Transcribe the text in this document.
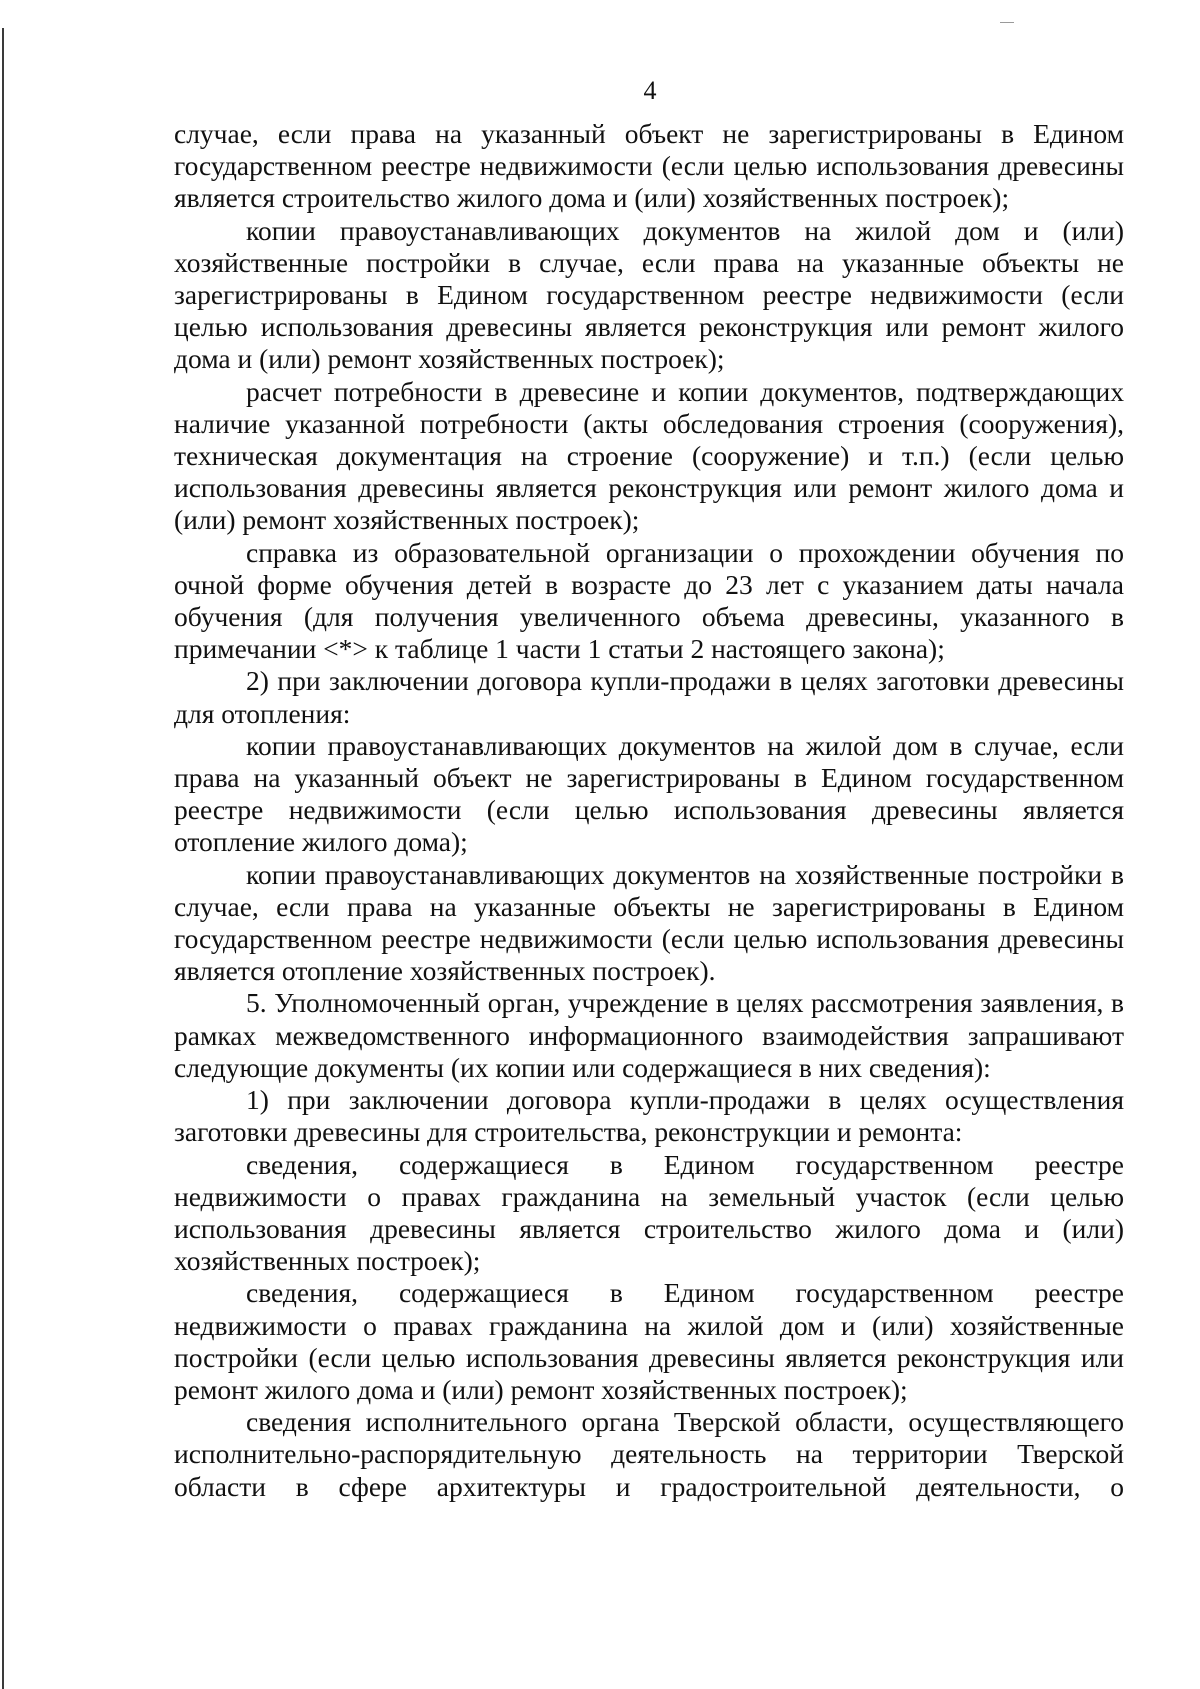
4

случае, если права на указанный объект не зарегистрированы в Едином государственном реестре недвижимости (если целью использования древесины является строительство жилого дома и (или) хозяйственных построек);

копии правоустанавливающих документов на жилой дом и (или) хозяйственные постройки в случае, если права на указанные объекты не зарегистрированы в Едином государственном реестре недвижимости (если целью использования древесины является реконструкция или ремонт жилого дома и (или) ремонт хозяйственных построек);

расчет потребности в древесине и копии документов, подтверждающих наличие указанной потребности (акты обследования строения (сооружения), техническая документация на строение (сооружение) и т.п.) (если целью использования древесины является реконструкция или ремонт жилого дома и (или) ремонт хозяйственных построек);

справка из образовательной организации о прохождении обучения по очной форме обучения детей в возрасте до 23 лет с указанием даты начала обучения (для получения увеличенного объема древесины, указанного в примечании <*> к таблице 1 части 1 статьи 2 настоящего закона);

2) при заключении договора купли-продажи в целях заготовки древесины для отопления:

копии правоустанавливающих документов на жилой дом в случае, если права на указанный объект не зарегистрированы в Едином государственном реестре недвижимости (если целью использования древесины является отопление жилого дома);

копии правоустанавливающих документов на хозяйственные постройки в случае, если права на указанные объекты не зарегистрированы в Едином государственном реестре недвижимости (если целью использования древесины является отопление хозяйственных построек).

5. Уполномоченный орган, учреждение в целях рассмотрения заявления, в рамках межведомственного информационного взаимодействия запрашивают следующие документы (их копии или содержащиеся в них сведения):

1) при заключении договора купли-продажи в целях осуществления заготовки древесины для строительства, реконструкции и ремонта:

сведения, содержащиеся в Едином государственном реестре недвижимости о правах гражданина на земельный участок (если целью использования древесины является строительство жилого дома и (или) хозяйственных построек);

сведения, содержащиеся в Едином государственном реестре недвижимости о правах гражданина на жилой дом и (или) хозяйственные постройки (если целью использования древесины является реконструкция или ремонт жилого дома и (или) ремонт хозяйственных построек);

сведения исполнительного органа Тверской области, осуществляющего исполнительно-распорядительную деятельность на территории Тверской области в сфере архитектуры и градостроительной деятельности, о
